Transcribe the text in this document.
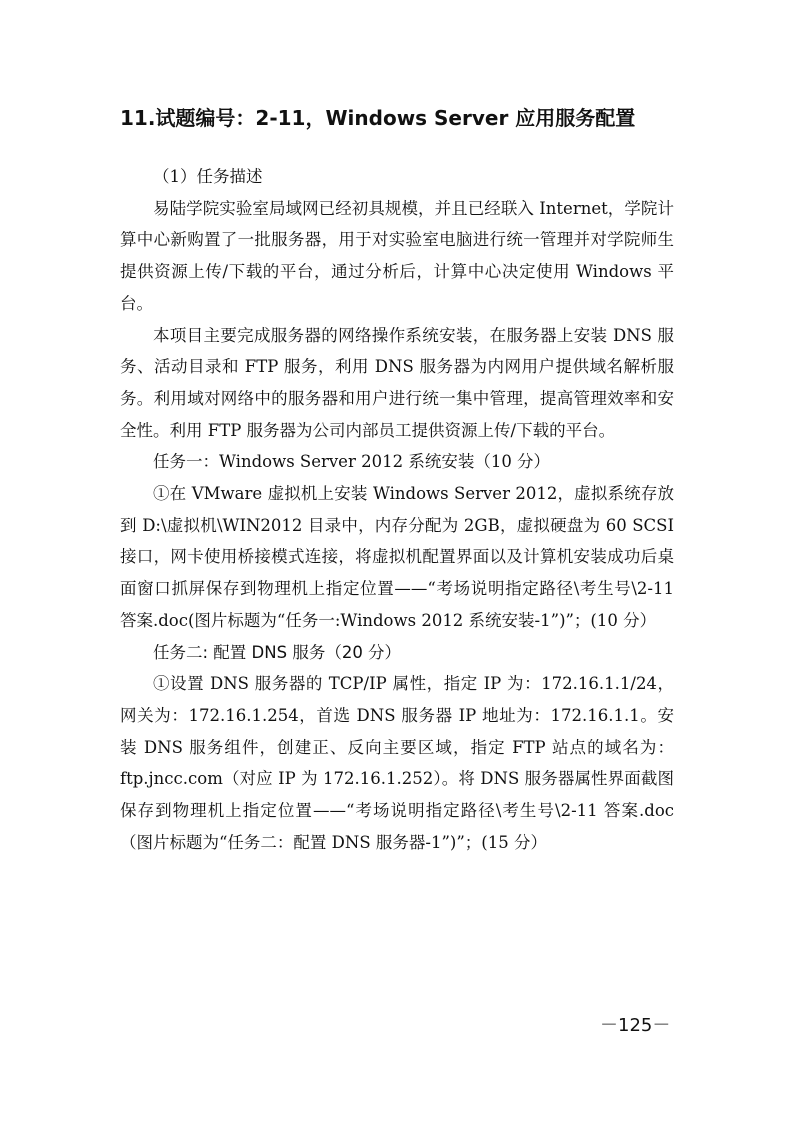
11.试题编号：2-11，Windows Server 应用服务配置

（1）任务描述

易陆学院实验室局域网已经初具规模，并且已经联入 Internet，学院计算中心新购置了一批服务器，用于对实验室电脑进行统一管理并对学院师生提供资源上传/下载的平台，通过分析后，计算中心决定使用 Windows 平台。

本项目主要完成服务器的网络操作系统安装，在服务器上安装 DNS 服务、活动目录和 FTP 服务，利用 DNS 服务器为内网用户提供域名解析服务。利用域对网络中的服务器和用户进行统一集中管理，提高管理效率和安全性。利用 FTP 服务器为公司内部员工提供资源上传/下载的平台。

任务一：Windows Server 2012 系统安装（10 分）

①在 VMware 虚拟机上安装 Windows Server 2012，虚拟系统存放到 D:\虚拟机\WIN2012 目录中，内存分配为 2GB，虚拟硬盘为 60 SCSI 接口，网卡使用桥接模式连接，将虚拟机配置界面以及计算机安装成功后桌面窗口抓屏保存到物理机上指定位置——“考场说明指定路径\考生号\2-11 答案.doc(图片标题为“任务一:Windows 2012 系统安装-1”)”；(10 分）

任务二: 配置 DNS 服务（20 分）

①设置 DNS 服务器的 TCP/IP 属性，指定 IP 为：172.16.1.1/24，网关为：172.16.1.254，首选 DNS 服务器 IP 地址为：172.16.1.1。安装 DNS 服务组件，创建正、反向主要区域，指定 FTP 站点的域名为：ftp.jncc.com（对应 IP 为 172.16.1.252）。将 DNS 服务器属性界面截图保存到物理机上指定位置——“考场说明指定路径\考生号\2-11 答案.doc（图片标题为“任务二：配置 DNS 服务器-1”)”；(15 分）

－125－
